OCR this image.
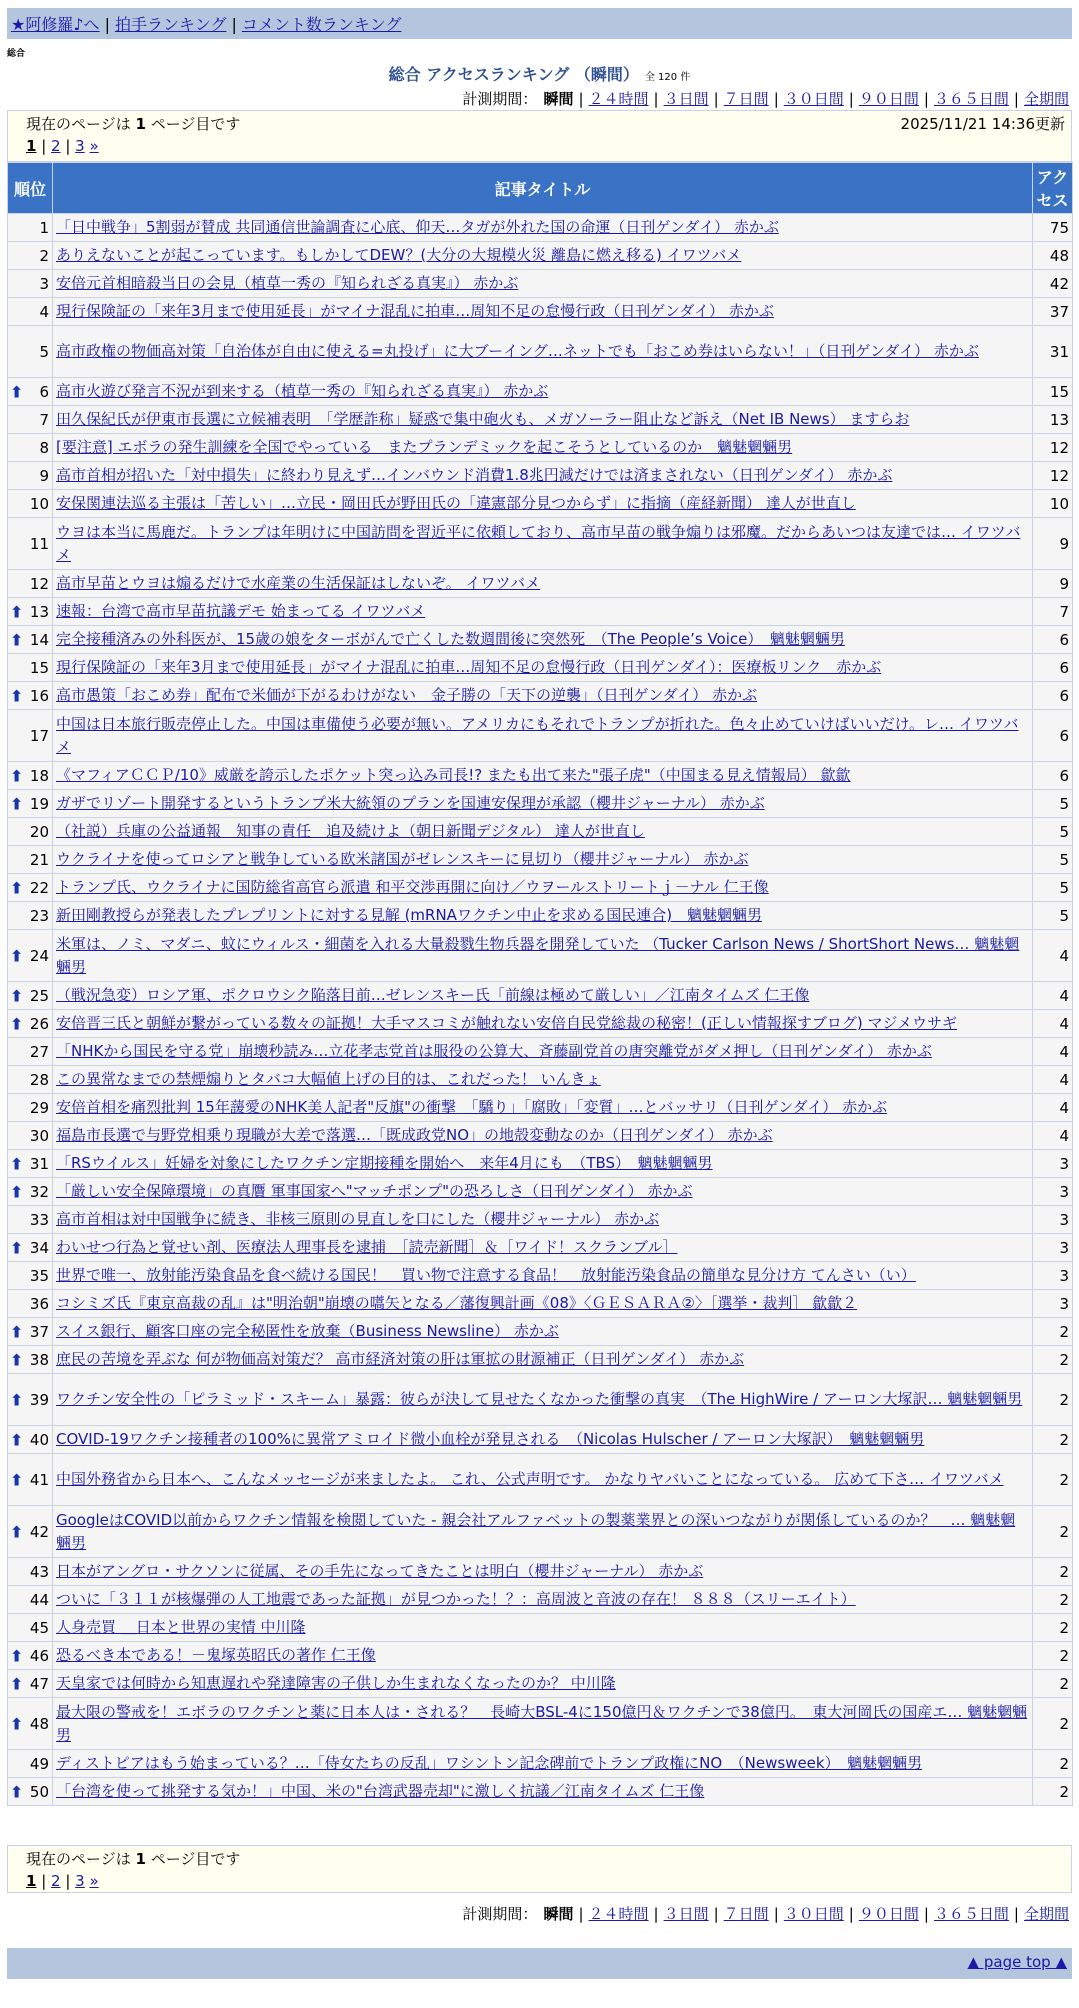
★阿修羅♪へ | 拍手ランキング | コメント数ランキング
総合
総合 アクセスランキング （瞬間） 全 120 件
計測期間： 瞬間 | ２４時間 | ３日間 | ７日間 | ３０日間 | ９０日間 | ３６５日間 | 全期間
現在のページは 1 ページ目です	2025/11/21 14:36更新
1 | 2 | 3 »
順位	記事タイトル	アクセス
1	「日中戦争」5割弱が賛成 共同通信世論調査に心底、仰天…タガが外れた国の命運（日刊ゲンダイ） 赤かぶ	75
2	ありえないことが起こっています。もしかしてDEW？(大分の大規模火災 離島に燃え移る) イワツバメ	48
3	安倍元首相暗殺当日の会見（植草一秀の『知られざる真実』） 赤かぶ	42
4	現行保険証の「来年3月まで使用延長」がマイナ混乱に拍車…周知不足の怠慢行政（日刊ゲンダイ） 赤かぶ	37
5	高市政権の物価高対策「自治体が自由に使える=丸投げ」に大ブーイング…ネットでも「おこめ券はいらない！」（日刊ゲンダイ） 赤かぶ	31

⬆ 6	高市火遊び発言不況が到来する（植草一秀の『知られざる真実』） 赤かぶ	15
7	田久保紀氏が伊東市長選に立候補表明　「学歴詐称」疑惑で集中砲火も、メガソーラー阻止など訴え（Net IB News） ますらお	13
8	[要注意] エボラの発生訓練を全国でやっている　またプランデミックを起こそうとしているのか　魑魅魍魎男	12
9	高市首相が招いた「対中損失」に終わり見えず…インバウンド消費1.8兆円減だけでは済まされない（日刊ゲンダイ） 赤かぶ	12
10	安保関連法巡る主張は「苦しい」…立民・岡田氏が野田氏の「違憲部分見つからず」に指摘（産経新聞） 達人が世直し	10
11	ウヨは本当に馬鹿だ。トランプは年明けに中国訪問を習近平に依頼しており、高市早苗の戦争煽りは邪魔。だからあいつは友達では… イワツバメ	9
12	高市早苗とウヨは煽るだけで水産業の生活保証はしないぞ。 イワツバメ	9

⬆ 13	速報：台湾で高市早苗抗議デモ 始まってる イワツバメ	7

⬆ 14	完全接種済みの外科医が、15歳の娘をターボがんで亡くした数週間後に突然死　（The People’s Voice）　魑魅魍魎男	6
15	現行保険証の「来年3月まで使用延長」がマイナ混乱に拍車…周知不足の怠慢行政（日刊ゲンダイ）：医療板リンク　赤かぶ	6

⬆ 16	高市愚策「おこめ券」配布で米価が下がるわけがない　金子勝の「天下の逆襲」（日刊ゲンダイ） 赤かぶ	6
17	中国は日本旅行販売停止した。中国は車備使う必要が無い。アメリカにもそれでトランプが折れた。色々止めていけばいいだけ。レ… イワツバメ	6

⬆ 18	《マフィアＣＣＰ/10》威厳を誇示したポケット突っ込み司長!? またも出て来た"張子虎"（中国まる見え情報局） 歙歙	6

⬆ 19	ガザでリゾート開発するというトランプ米大統領のプランを国連安保理が承認（櫻井ジャーナル） 赤かぶ	5
20	（社説）兵庫の公益通報　知事の責任　追及続けよ（朝日新聞デジタル） 達人が世直し	5
21	ウクライナを使ってロシアと戦争している欧米諸国がゼレンスキーに見切り（櫻井ジャーナル） 赤かぶ	5

⬆ 22	トランプ氏、ウクライナに国防総省高官ら派遣 和平交渉再開に向け／ウヲールストリートｊ－ナル 仁王像	5
23	新田剛教授らが発表したプレプリントに対する見解 (mRNAワクチン中止を求める国民連合)　魑魅魍魎男	5

⬆ 24	米軍は、ノミ、マダニ、蚊にウィルス・細菌を入れる大量殺戮生物兵器を開発していた （Tucker Carlson News / ShortShort News… 魑魅魍魎男	4

⬆ 25	（戦況急変）ロシア軍、ポクロウシク陥落目前…ゼレンスキー氏「前線は極めて厳しい」／江南タイムズ 仁王像	4

⬆ 26	安倍晋三氏と朝鮮が繋がっている数々の証拠！大手マスコミが触れない安倍自民党総裁の秘密！(正しい情報探すブログ) マジメウサギ	4
27	「NHKから国民を守る党」崩壊秒読み…立花孝志党首は服役の公算大、斉藤副党首の唐突離党がダメ押し（日刊ゲンダイ） 赤かぶ	4
28	この異常なまでの禁煙煽りとタバコ大幅値上げの目的は、これだった！ いんきょ	4
29	安倍首相を痛烈批判 15年蘐愛のNHK美人記者"反旗"の衝撃　「驕り」「腐敗」「変質」…とバッサリ（日刊ゲンダイ） 赤かぶ	4
30	福島市長選で与野党相乗り現職が大差で落選…「既成政党NO」の地殻変動なのか（日刊ゲンダイ） 赤かぶ	4

⬆ 31	「RSウイルス」妊婦を対象にしたワクチン定期接種を開始へ　来年4月にも　（TBS）　魑魅魍魎男	3

⬆ 32	「厳しい安全保障環境」の真贋 軍事国家へ"マッチポンプ"の恐ろしさ（日刊ゲンダイ） 赤かぶ	3
33	高市首相は対中国戦争に続き、非核三原則の見直しを口にした（櫻井ジャーナル） 赤かぶ	3

⬆ 34	わいせつ行為と覚せい剤、医療法人理事長を逮捕　［読売新聞］＆［ワイド！スクランブル］	3
35	世界で唯一、放射能汚染食品を食べ続ける国民！　買い物で注意する食品！　放射能汚染食品の簡単な見分け方 てんさい（い）	3
36	コシミズ氏『東京高裁の乱』は"明治朝"崩壊の嚆矢となる／藩復興計画《08》〈ＧＥＳＡＲＡ②〉［選挙・裁判］ 歙歙２	3

⬆ 37	スイス銀行、顧客口座の完全秘匿性を放棄（Business Newsline） 赤かぶ	2

⬆ 38	庶民の苦境を弄ぶな 何が物価高対策だ？ 高市経済対策の肝は軍拡の財源補正（日刊ゲンダイ） 赤かぶ	2

⬆ 39	ワクチン安全性の「ピラミッド・スキーム」暴露：彼らが決して見せたくなかった衝撃の真実　（The HighWire / アーロン大塚訳… 魑魅魍魎男	2

⬆ 40	COVID-19ワクチン接種者の100%に異常アミロイド微小血栓が発見される　（Nicolas Hulscher / アーロン大塚訳）　魑魅魍魎男	2

⬆ 41	中国外務省から日本へ、こんなメッセージが来ましたよ。 これ、公式声明です。 かなりヤバいことになっている。 広めて下さ… イワツバメ	2

⬆ 42	GoogleはCOVID以前からワクチン情報を検閲していた - 親会社アルファベットの製薬業界との深いつながりが関係しているのか？　… 魑魅魍魎男	2
43	日本がアングロ・サクソンに従属、その手先になってきたことは明白（櫻井ジャーナル） 赤かぶ	2
44	ついに「３１１が核爆弾の人工地震であった証拠」が見つかった！？：高周波と音波の存在！ ８８８（スリーエイト）	2
45	人身売買 ＿日本と世界の実情 中川隆	2

⬆ 46	恐るべき本である！－鬼塚英昭氏の著作 仁王像	2

⬆ 47	天皇家では何時から知恵遅れや発達障害の子供しか生まれなくなったのか？ 中川隆	2

⬆ 48	最大限の警戒を！エボラのワクチンと薬に日本人は・される？　長崎大BSL-4に150億円＆ワクチンで38億円。　東大河岡氏の国産エ… 魑魅魍魎男	2
49	ディストピアはもう始まっている？…「侍女たちの反乱」ワシントン記念碑前でトランプ政権にNO　（Newsweek）　魑魅魍魎男	2

⬆ 50	「台湾を使って挑発する気か！」中国、米の"台湾武器売却"に激しく抗議／江南タイムズ 仁王像	2
現在のページは 1 ページ目です
1 | 2 | 3 »
計測期間： 瞬間 | ２４時間 | ３日間 | ７日間 | ３０日間 | ９０日間 | ３６５日間 | 全期間
▲ page top ▲
